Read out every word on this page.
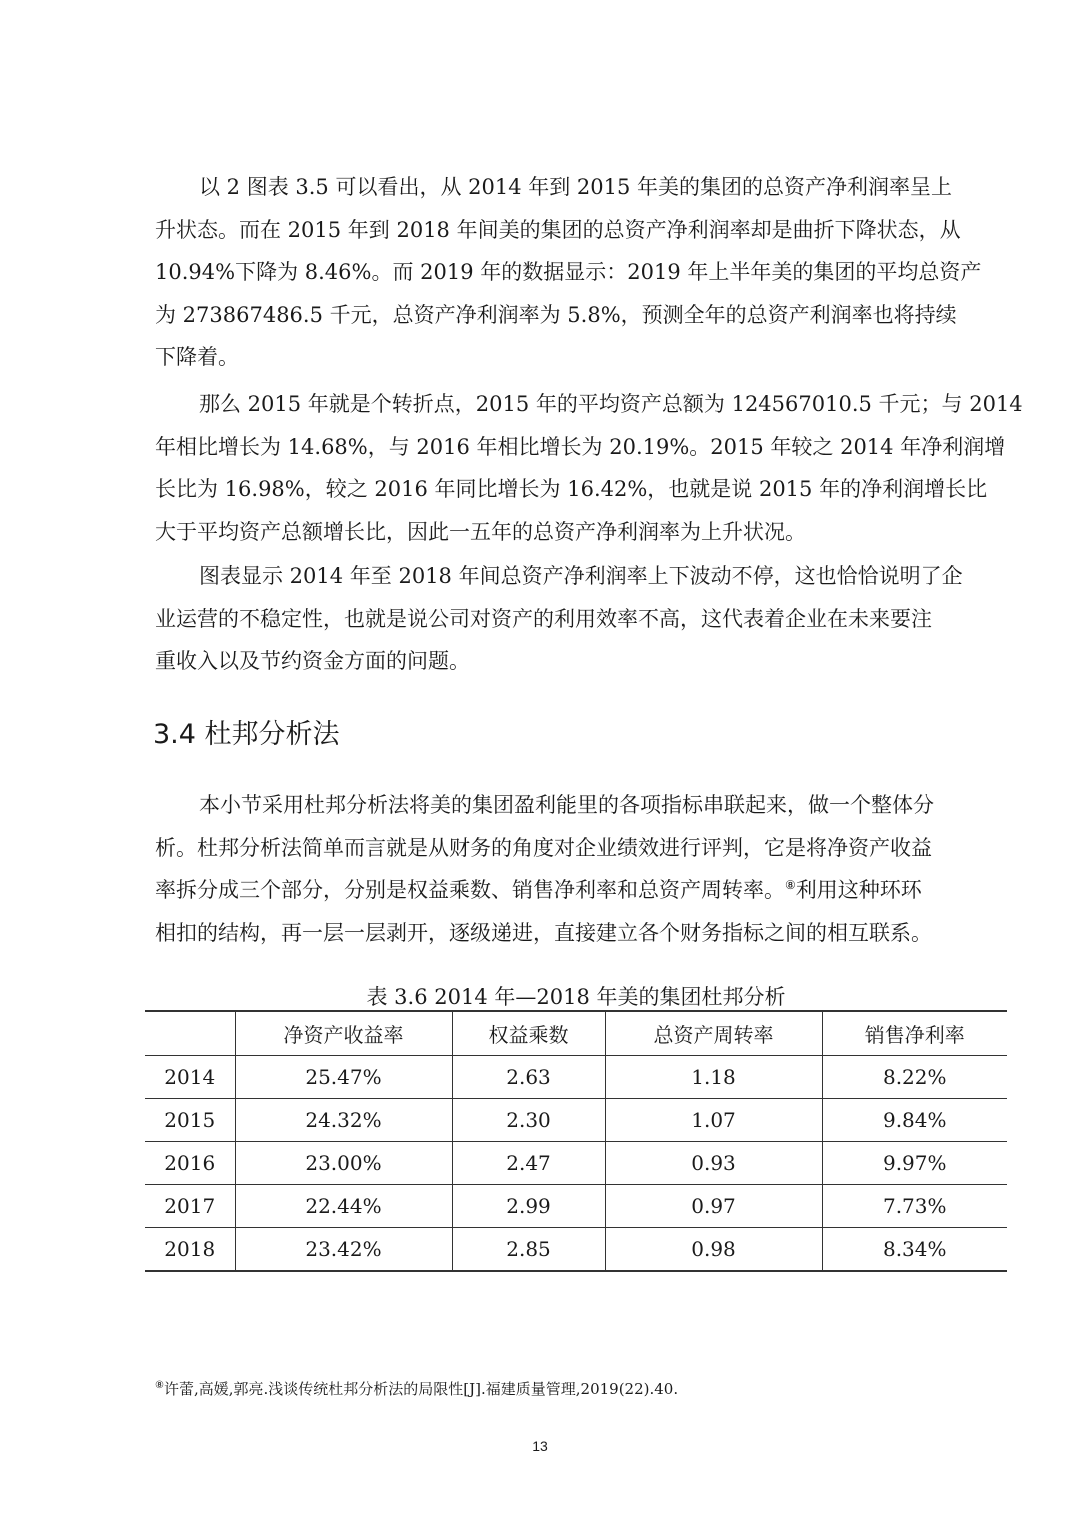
以 2 图表 3.5 可以看出，从 2014 年到 2015 年美的集团的总资产净利润率呈上
升状态。而在 2015 年到 2018 年间美的集团的总资产净利润率却是曲折下降状态，从
10.94%下降为 8.46%。而 2019 年的数据显示：2019 年上半年美的集团的平均总资产
为 273867486.5 千元，总资产净利润率为 5.8%，预测全年的总资产利润率也将持续
下降着。

那么 2015 年就是个转折点，2015 年的平均资产总额为 124567010.5 千元；与 2014
年相比增长为 14.68%，与 2016 年相比增长为 20.19%。2015 年较之 2014 年净利润增
长比为 16.98%，较之 2016 年同比增长为 16.42%，也就是说 2015 年的净利润增长比
大于平均资产总额增长比，因此一五年的总资产净利润率为上升状况。

图表显示 2014 年至 2018 年间总资产净利润率上下波动不停，这也恰恰说明了企
业运营的不稳定性，也就是说公司对资产的利用效率不高，这代表着企业在未来要注
重收入以及节约资金方面的问题。

3.4 杜邦分析法

本小节采用杜邦分析法将美的集团盈利能里的各项指标串联起来，做一个整体分
析。杜邦分析法简单而言就是从财务的角度对企业绩效进行评判，它是将净资产收益
率拆分成三个部分，分别是权益乘数、销售净利率和总资产周转率。⑧利用这种环环
相扣的结构，再一层一层剥开，逐级递进，直接建立各个财务指标之间的相互联系。

表 3.6 2014 年—2018 年美的集团杜邦分析
	净资产收益率	权益乘数	总资产周转率	销售净利率
2014	25.47%	2.63	1.18	8.22%
2015	24.32%	2.30	1.07	9.84%
2016	23.00%	2.47	0.93	9.97%
2017	22.44%	2.99	0.97	7.73%
2018	23.42%	2.85	0.98	8.34%
⑧许蕾,高媛,郭亮.浅谈传统杜邦分析法的局限性[J].福建质量管理,2019(22).40.
13
